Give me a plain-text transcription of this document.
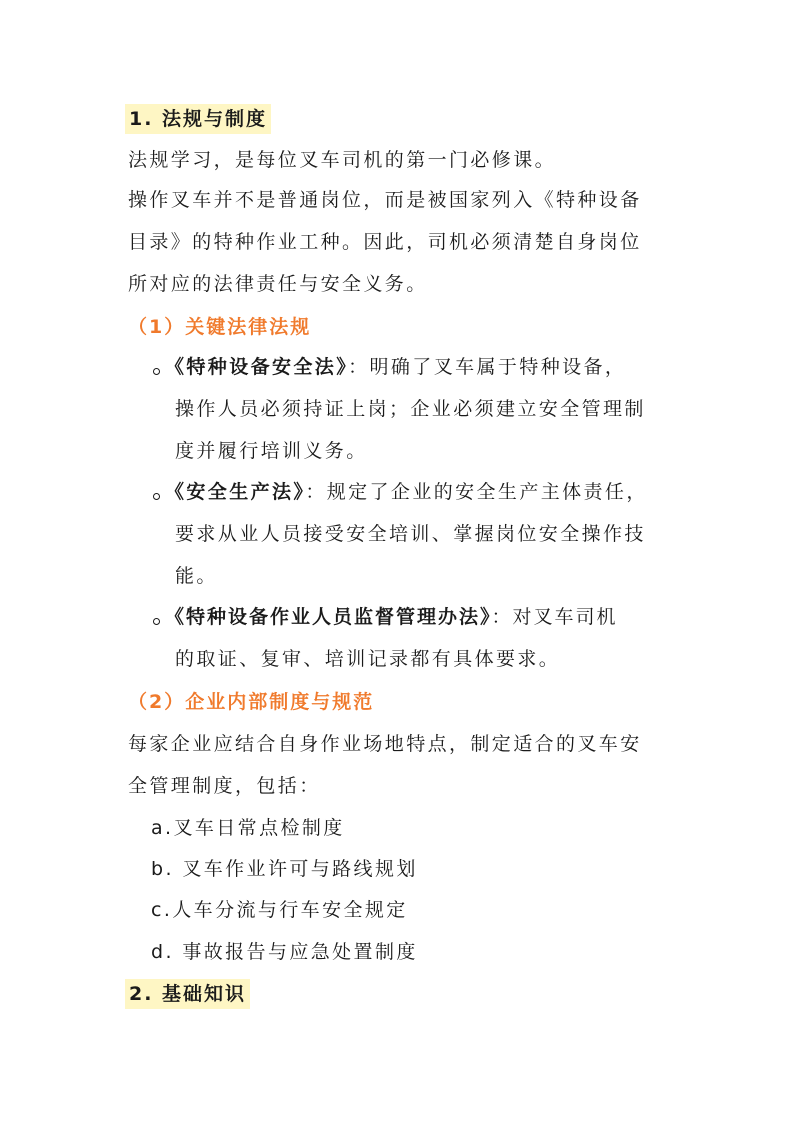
1. 法规与制度
法规学习，是每位叉车司机的第一门必修课。
操作叉车并不是普通岗位，而是被国家列入《特种设备
目录》的特种作业工种。因此，司机必须清楚自身岗位
所对应的法律责任与安全义务。
（1）关键法律法规
《特种设备安全法》：明确了叉车属于特种设备，
操作人员必须持证上岗；企业必须建立安全管理制
度并履行培训义务。
《安全生产法》：规定了企业的安全生产主体责任，
要求从业人员接受安全培训、掌握岗位安全操作技
能。
《特种设备作业人员监督管理办法》：对叉车司机
的取证、复审、培训记录都有具体要求。
（2）企业内部制度与规范
每家企业应结合自身作业场地特点，制定适合的叉车安
全管理制度，包括：
a.叉车日常点检制度
b. 叉车作业许可与路线规划
c.人车分流与行车安全规定
d. 事故报告与应急处置制度
2. 基础知识
